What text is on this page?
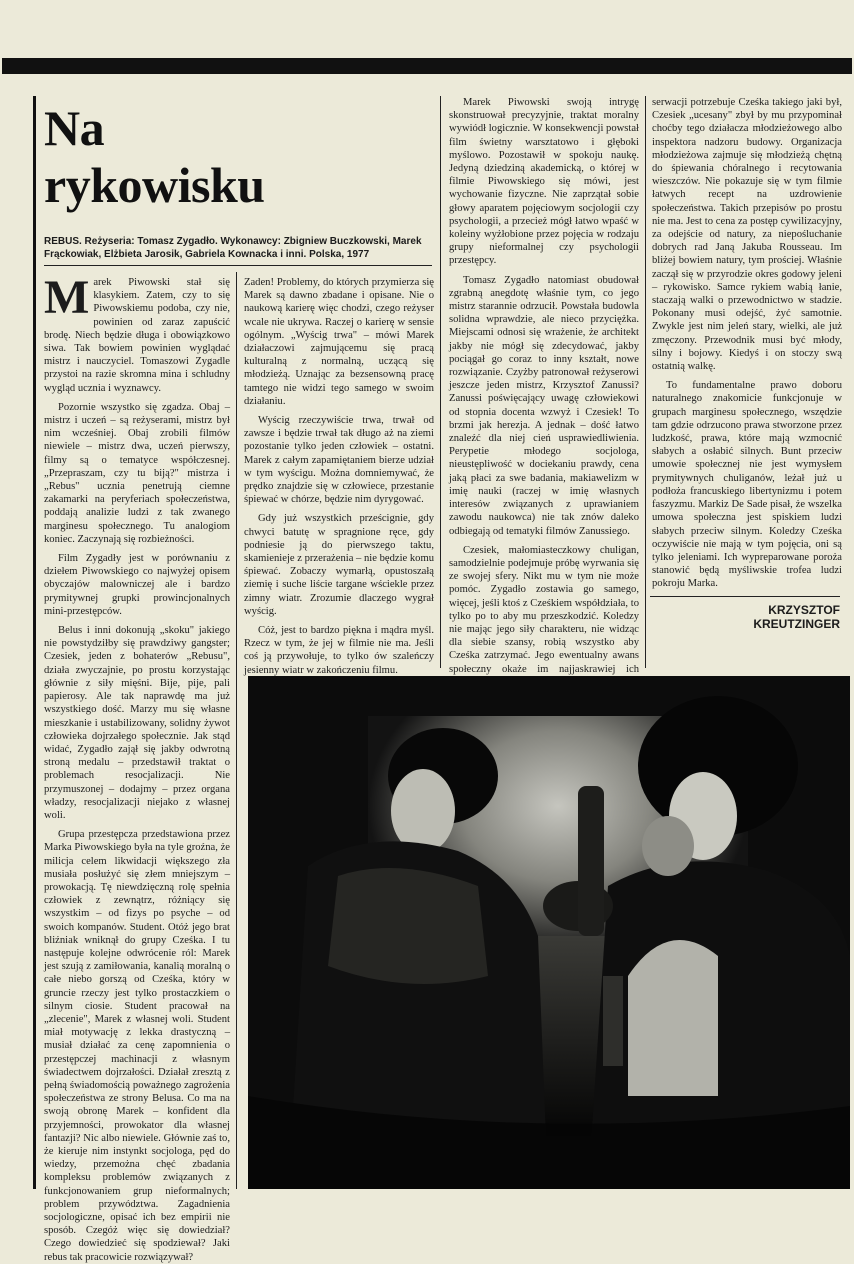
Na
rykowisku
REBUS. Reżyseria: Tomasz Zygadło. Wykonawcy: Zbigniew Buczkowski, Marek Frąckowiak, Elżbieta Jarosik, Gabriela Kownacka i inni. Polska, 1977

Marek Piwowski stał się klasykiem. Zatem, czy to się Piwowskiemu podoba, czy nie, powinien od zaraz zapuścić brodę. Niech będzie długa i obowiązkowo siwa. Tak bowiem powinien wyglądać mistrz i nauczyciel. Tomaszowi Zygadle przystoi na razie skromna mina i schludny wygląd ucznia i wyznawcy.

Pozornie wszystko się zgadza. Obaj – mistrz i uczeń – są reżyserami, mistrz był nim wcześniej. Obaj zrobili filmów niewiele – mistrz dwa, uczeń pierwszy, filmy są o tematyce współczesnej. „Przepraszam, czy tu biją?" mistrza i „Rebus" ucznia penetrują ciemne zakamarki na peryferiach społeczeństwa, poddają analizie ludzi z tak zwanego marginesu społecznego. Tu analogiom koniec. Zaczynają się rozbieżności.

Film Zygadły jest w porównaniu z dziełem Piwowskiego co najwyżej opisem obyczajów malowniczej ale i bardzo prymitywnej grupki prowincjonalnych mini-przestępców.

Belus i inni dokonują „skoku" jakiego nie powstydziłby się prawdziwy gangster; Czesiek, jeden z bohaterów „Rebusu", działa zwyczajnie, po prostu korzystając głównie z siły mięśni. Bije, pije, pali papierosy. Ale tak naprawdę ma już wszystkiego dość. Marzy mu się własne mieszkanie i ustabilizowany, solidny żywot człowieka dojrzałego społecznie. Jak stąd widać, Zygadło zajął się jakby odwrotną stroną medalu – przedstawił traktat o problemach resocjalizacji. Nie przymuszonej – dodajmy – przez organa władzy, resocjalizacji niejako z własnej woli.

Grupa przestępcza przedstawiona przez Marka Piwowskiego była na tyle groźna, że milicja celem likwidacji większego zła musiała posłużyć się złem mniejszym – prowokacją. Tę niewdzięczną rolę spełnia człowiek z zewnątrz, różniący się wszystkim – od fizys po psyche – od swoich kompanów. Student. Otóż jego brat bliźniak wniknął do grupy Cześka. I tu następuje kolejne odwrócenie ról: Marek jest szują z zamiłowania, kanalią moralną o całe niebo gorszą od Cześka, który w gruncie rzeczy jest tylko prostaczkiem o silnym ciosie. Student pracował na „zlecenie", Marek z własnej woli. Student miał motywację z lekka drastyczną – musiał działać za cenę zapomnienia o przestępczej machinacji z własnym świadectwem dojrzałości. Działał zresztą z pełną świadomością poważnego zagrożenia społeczeństwa ze strony Belusa. Co ma na swoją obronę Marek – konfident dla przyjemności, prowokator dla własnej fantazji? Nic albo niewiele. Głównie zaś to, że kieruje nim instynkt socjologa, pęd do wiedzy, przemożna chęć zbadania kompleksu problemów związanych z funkcjonowaniem grup nieformalnych; problem przywództwa. Zagadnienia socjologiczne, opisać ich bez empirii nie sposób. Czegóż więc się dowiedział? Czego dowiedzieć się spodziewał? Jaki rebus tak pracowicie rozwiązywał?

Zaden! Problemy, do których przymierza się Marek są dawno zbadane i opisane. Nie o naukową karierę więc chodzi, czego reżyser wcale nie ukrywa. Raczej o karierę w sensie ogólnym. „Wyścig trwa" – mówi Marek działaczowi zajmującemu się pracą kulturalną z normalną, uczącą się młodzieżą. Uznając za bezsensowną pracę tamtego nie widzi tego samego w swoim działaniu.

Wyścig rzeczywiście trwa, trwał od zawsze i będzie trwał tak długo aż na ziemi pozostanie tylko jeden człowiek – ostatni. Marek z całym zapamiętaniem bierze udział w tym wyścigu. Można domniemywać, że prędko znajdzie się w człowiece, przestanie śpiewać w chórze, będzie nim dyrygować.

Gdy już wszystkich prześcignie, gdy chwyci batutę w spragnione ręce, gdy podniesie ją do pierwszego taktu, skamienieje z przerażenia – nie będzie komu śpiewać. Zobaczy wymarłą, opustoszałą ziemię i suche liście targane wściekle przez zimny wiatr. Zrozumie dlaczego wygrał wyścig.

Cóż, jest to bardzo piękna i mądra myśl. Rzecz w tym, że jej w filmie nie ma. Jeśli coś ją przywołuje, to tylko ów szaleńczy jesienny wiatr w zakończeniu filmu.

Marek Piwowski swoją intrygę skonstruował precyzyjnie, traktat moralny wywiódł logicznie. W konsekwencji powstał film świetny warsztatowo i głęboki myślowo. Pozostawił w spokoju naukę. Jedyną dziedziną akademicką, o której w filmie Piwowskiego się mówi, jest wychowanie fizyczne. Nie zaprzątał sobie głowy aparatem pojęciowym socjologii czy psychologii, a przecież mógł łatwo wpaść w koleiny wyżłobione przez pojęcia w rodzaju grupy nieformalnej czy psychologii przestępcy.

Tomasz Zygadło natomiast obudował zgrabną anegdotę właśnie tym, co jego mistrz starannie odrzucił. Powstała budowla solidna wprawdzie, ale nieco przyciężka. Miejscami odnosi się wrażenie, że architekt jakby nie mógł się zdecydować, jakby pociągał go coraz to inny kształt, nowe rozwiązanie. Czyżby patronował reżyserowi jeszcze jeden mistrz, Krzysztof Zanussi? Zanussi poświęcający uwagę człowiekowi od stopnia docentа wzwyż i Czesiek! To brzmi jak herezja. A jednak – dość łatwo znaleźć dla niej cień usprawiedliwienia. Perypetie młodego socjologa, nieustępliwość w dociekaniu prawdy, cena jaką płaci za swe badania, makiawelizm w imię nauki (raczej w imię własnych interesów związanych z uprawianiem zawodu naukowca) nie tak znów daleko odbiegają od tematyki filmów Zanussiego.

Czesiek, małomiasteczkowy chuligan, samodzielnie podejmuje próbę wyrwania się ze swojej sfery. Nikt mu w tym nie może pomóc. Zygadło zostawia go samego, więcej, jeśli ktoś z Cześkiem współdziała, to tylko po to aby mu przeszkodzić. Koledzy nie mając jego siły charakteru, nie widząc dla siebie szansy, robią wszystko aby Cześka zatrzymać. Jego ewentualny awans społeczny okaże im najjaskrawiej ich

serwacji potrzebuje Cześka takiego jaki był, Czesiek „ucesany" zbył by mu przypominał choćby tego działacza młodzieżowego albo inspektora nadzoru budowy. Organizacja młodzieżowa zajmuje się młodzieżą chętną do śpiewania chóralnego i recytowania wieszczów. Nie pokazuje się w tym filmie łatwych recept na uzdrowienie społeczeństwa. Takich przepisów po prostu nie ma. Jest to cena za postęp cywilizacyjny, za odejście od natury, za niepośluchanie dobrych rad Janą Jakuba Rousseau. Im bliżej bowiem natury, tym prościej. Właśnie zaczął się w przyrodzie okres godowy jeleni – rykowisko. Samce rykiem wabią łanie, staczają walki o przewodnictwo w stadzie. Pokonany musi odejść, żyć samotnie. Zwykle jest nim jeleń stary, wielki, ale już zmęczony. Przewodnik musi być młody, silny i bojowy. Kiedyś i on stoczy swą ostatnią walkę.

To fundamentalne prawo doboru naturalnego znakomicie funkcjonuje w grupach marginesu społecznego, wszędzie tam gdzie odrzucono prawa stworzone przez ludzkość, prawa, które mają wzmocnić słabych a osłabić silnych. Bunt przeciw umowie społecznej nie jest wymysłem prymitywnych chuliganów, leżał już u podłoża francuskiego libertynizmu i potem faszyzmu. Markiz De Sade pisał, że wszelka umowa społeczna jest spiskiem ludzi słabych przeciw silnym. Koledzy Cześka oczywiście nie mają w tym pojęcia, oni są tylko jeleniami. Ich wypreparowane poroża stanowić będą myśliwskie trofea ludzi pokroju Marka.

KRZYSZTOF
KREUTZINGER
